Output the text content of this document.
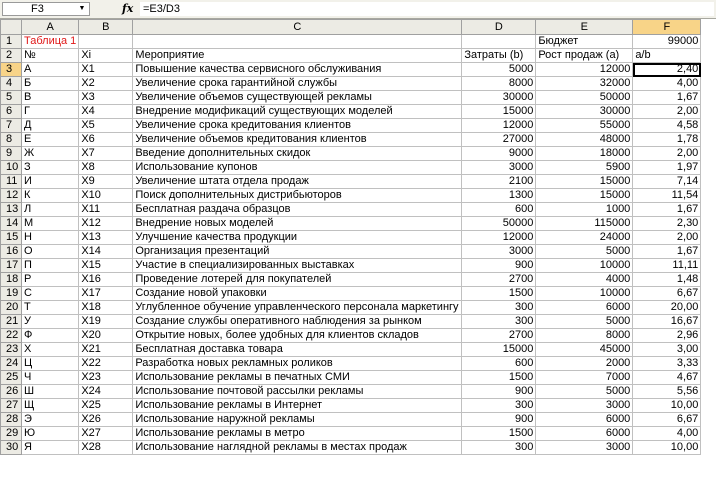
F3	▼	fx =E3/D3
	A	B	C	D	E	F
1	Таблица 1				Бюджет	99000
2	№	Xi	Мероприятие	Затраты (b)	Рост продаж (a)	a/b
3	А	X1	Повышение качества сервисного обслуживания	5000	12000	2,40
4	Б	X2	Увеличение срока гарантийной службы	8000	32000	4,00
5	В	X3	Увеличение объемов существующей рекламы	30000	50000	1,67
6	Г	X4	Внедрение модификаций существующих моделей	15000	30000	2,00
7	Д	X5	Увеличение срока кредитования клиентов	12000	55000	4,58
8	Е	X6	Увеличение объемов кредитования клиентов	27000	48000	1,78
9	Ж	X7	Введение дополнительных скидок	9000	18000	2,00
10	З	X8	Использование купонов	3000	5900	1,97
11	И	X9	Увеличение штата отдела продаж	2100	15000	7,14
12	К	X10	Поиск дополнительных дистрибьюторов	1300	15000	11,54
13	Л	X11	Бесплатная раздача образцов	600	1000	1,67
14	М	X12	Внедрение новых моделей	50000	115000	2,30
15	Н	X13	Улучшение качества продукции	12000	24000	2,00
16	О	X14	Организация презентаций	3000	5000	1,67
17	П	X15	Участие в специализированных выставках	900	10000	11,11
18	Р	X16	Проведение лотерей для покупателей	2700	4000	1,48
19	С	X17	Создание новой упаковки	1500	10000	6,67
20	Т	X18	Углубленное обучение управленческого персонала маркетингу	300	6000	20,00
21	У	X19	Создание службы оперативного наблюдения за рынком	300	5000	16,67
22	Ф	X20	Открытие новых, более удобных для клиентов складов	2700	8000	2,96
23	Х	X21	Бесплатная доставка товара	15000	45000	3,00
24	Ц	X22	Разработка новых рекламных роликов	600	2000	3,33
25	Ч	X23	Использование рекламы в печатных СМИ	1500	7000	4,67
26	Ш	X24	Использование почтовой рассылки рекламы	900	5000	5,56
27	Щ	X25	Использование рекламы в Интернет	300	3000	10,00
28	Э	X26	Использование наружной рекламы	900	6000	6,67
29	Ю	X27	Использование рекламы в метро	1500	6000	4,00
30	Я	X28	Использование наглядной рекламы в местах продаж	300	3000	10,00
